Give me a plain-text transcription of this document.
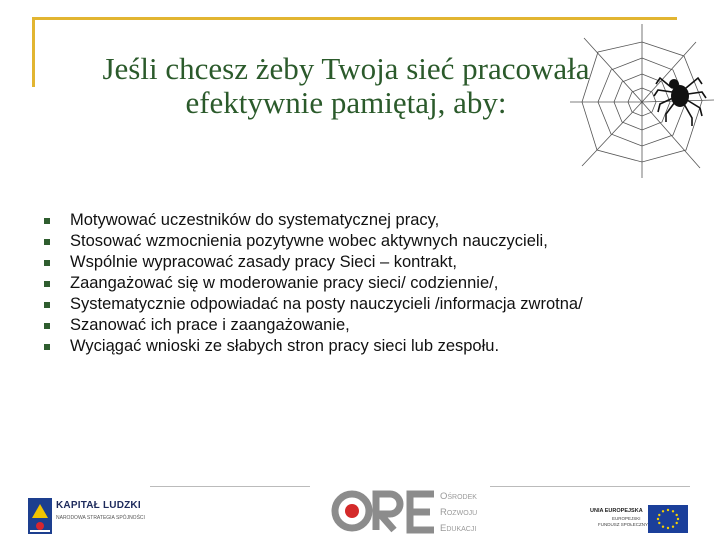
Jeśli chcesz żeby Twoja sieć pracowała
efektywnie pamiętaj, aby:
Motywować uczestników do systematycznej pracy,
Stosować wzmocnienia pozytywne wobec aktywnych nauczycieli,
Wspólnie wypracować zasady pracy Sieci – kontrakt,
Zaangażować się w moderowanie pracy sieci/ codziennie/,
Systematycznie odpowiadać na posty nauczycieli /informacja zwrotna/
Szanować ich prace i zaangażowanie,
Wyciągać wnioski ze słabych stron pracy sieci lub zespołu.
KAPITAŁ LUDZKI
NARODOWA STRATEGIA SPÓJNOŚCI
Ośrodek
Rozwoju
Edukacji
UNIA EUROPEJSKA
EUROPEJSKI
FUNDUSZ SPOŁECZNY
